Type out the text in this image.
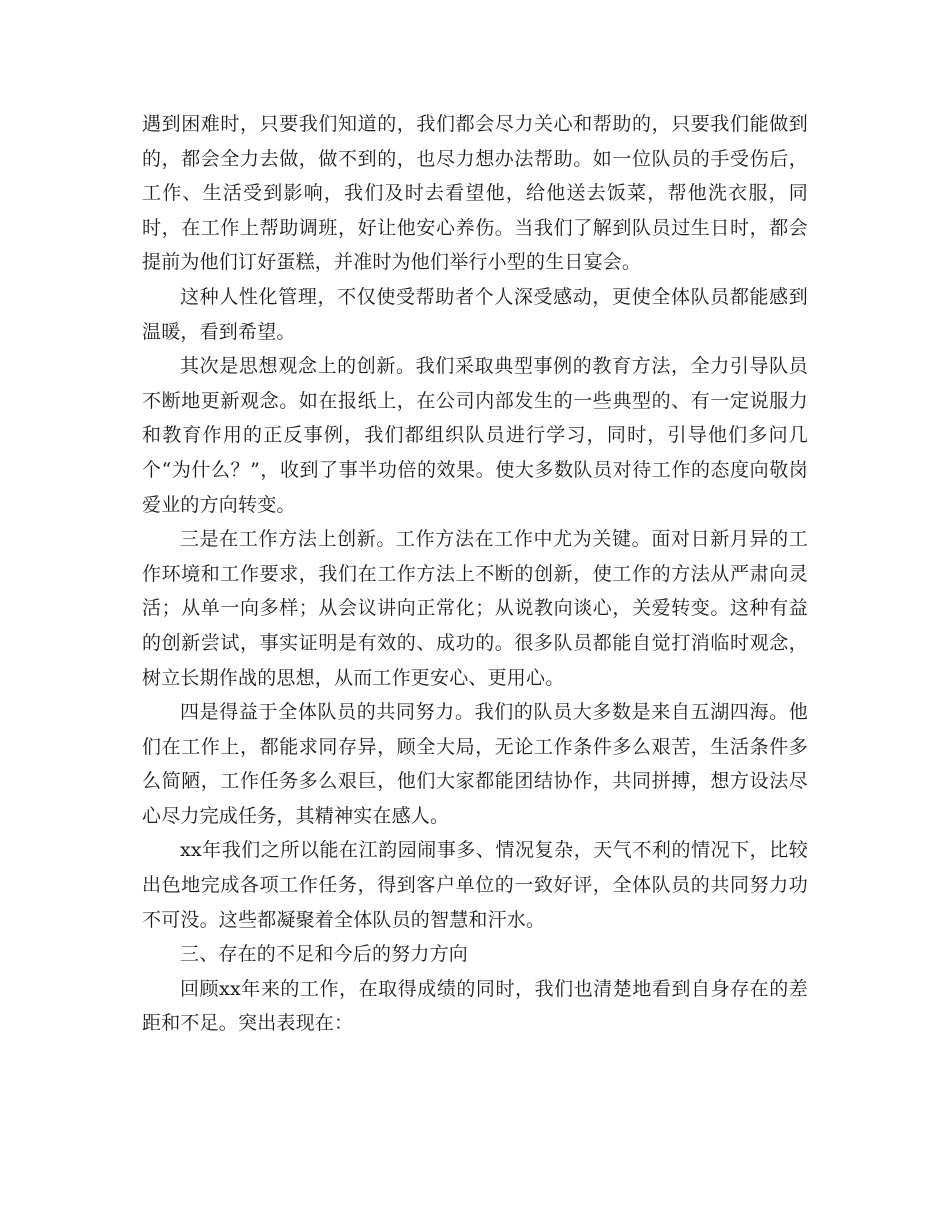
遇到困难时，只要我们知道的，我们都会尽力关心和帮助的，只要我们能做到的，都会全力去做，做不到的，也尽力想办法帮助。如一位队员的手受伤后，工作、生活受到影响，我们及时去看望他，给他送去饭菜，帮他洗衣服，同时，在工作上帮助调班，好让他安心养伤。当我们了解到队员过生日时，都会提前为他们订好蛋糕，并准时为他们举行小型的生日宴会。

这种人性化管理，不仅使受帮助者个人深受感动，更使全体队员都能感到温暖，看到希望。

其次是思想观念上的创新。我们采取典型事例的教育方法，全力引导队员不断地更新观念。如在报纸上，在公司内部发生的一些典型的、有一定说服力和教育作用的正反事例，我们都组织队员进行学习，同时，引导他们多问几个“为什么？”，收到了事半功倍的效果。使大多数队员对待工作的态度向敬岗爱业的方向转变。

三是在工作方法上创新。工作方法在工作中尤为关键。面对日新月异的工作环境和工作要求，我们在工作方法上不断的创新，使工作的方法从严肃向灵活；从单一向多样；从会议讲向正常化；从说教向谈心，关爱转变。这种有益的创新尝试，事实证明是有效的、成功的。很多队员都能自觉打消临时观念，树立长期作战的思想，从而工作更安心、更用心。

四是得益于全体队员的共同努力。我们的队员大多数是来自五湖四海。他们在工作上，都能求同存异，顾全大局，无论工作条件多么艰苦，生活条件多么简陋，工作任务多么艰巨，他们大家都能团结协作，共同拼搏，想方设法尽心尽力完成任务，其精神实在感人。

xx年我们之所以能在江韵园闹事多、情况复杂，天气不利的情况下，比较出色地完成各项工作任务，得到客户单位的一致好评，全体队员的共同努力功不可没。这些都凝聚着全体队员的智慧和汗水。

三、存在的不足和今后的努力方向

回顾xx年来的工作，在取得成绩的同时，我们也清楚地看到自身存在的差距和不足。突出表现在：
